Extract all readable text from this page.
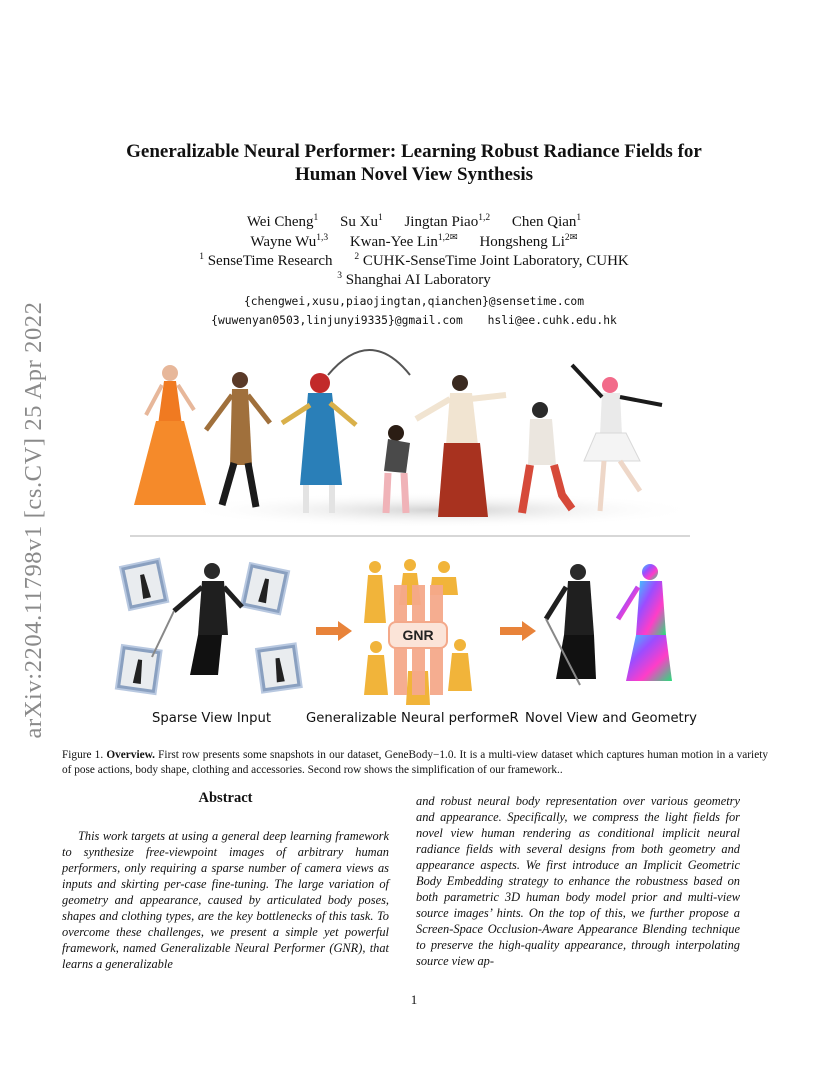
arXiv:2204.11798v1 [cs.CV] 25 Apr 2022
Generalizable Neural Performer: Learning Robust Radiance Fields for
Human Novel View Synthesis
Wei Cheng$^1$ Su Xu$^1$ Jingtan Piao$^{1,2}$ Chen Qian$^1$
Wayne Wu$^{1,3}$ Kwan-Yee Lin$^{1,2✉}$ Hongsheng $Li^{2✉}$
$^1$ SenseTime Research $^2$ CUHK-SenseTime Joint Laboratory, CUHK
$^3$ Shanghai AI Laboratory
{chengwei,xusu,piaojingtan,qianchen}@sensetime.com
{wuwenyan0503,linjunyi9335}@gmail.com hsli@ee.cuhk.edu.hk
GNR
Sparse View Input	Generalizable Neural performeR Novel View and Geometry
Figure 1. Overview. First row presents some snapshots in our dataset, GeneBody−1.0. It is a multi-view dataset which captures human motion in a variety of pose actions, body shape, clothing and accessories. Second row shows the simplification of our framework..
Abstract
This work targets at using a general deep learning framework to synthesize free-viewpoint images of arbitrary human performers, only requiring a sparse number of camera views as inputs and skirting per-case fine-tuning. The large variation of geometry and appearance, caused by articulated body poses, shapes and clothing types, are the key bottlenecks of this task. To overcome these challenges, we present a simple yet powerful framework, named Generalizable Neural Performer (GNR), that learns a generalizable
and robust neural body representation over various geometry and appearance. Specifically, we compress the light fields for novel view human rendering as conditional implicit neural radiance fields with several designs from both geometry and appearance aspects. We first introduce an Implicit Geometric Body Embedding strategy to enhance the robustness based on both parametric 3D human body model prior and multi-view source images’ hints. On the top of this, we further propose a Screen-Space Occlusion-Aware Appearance Blending technique to preserve the high-quality appearance, through interpolating source view ap-
1
